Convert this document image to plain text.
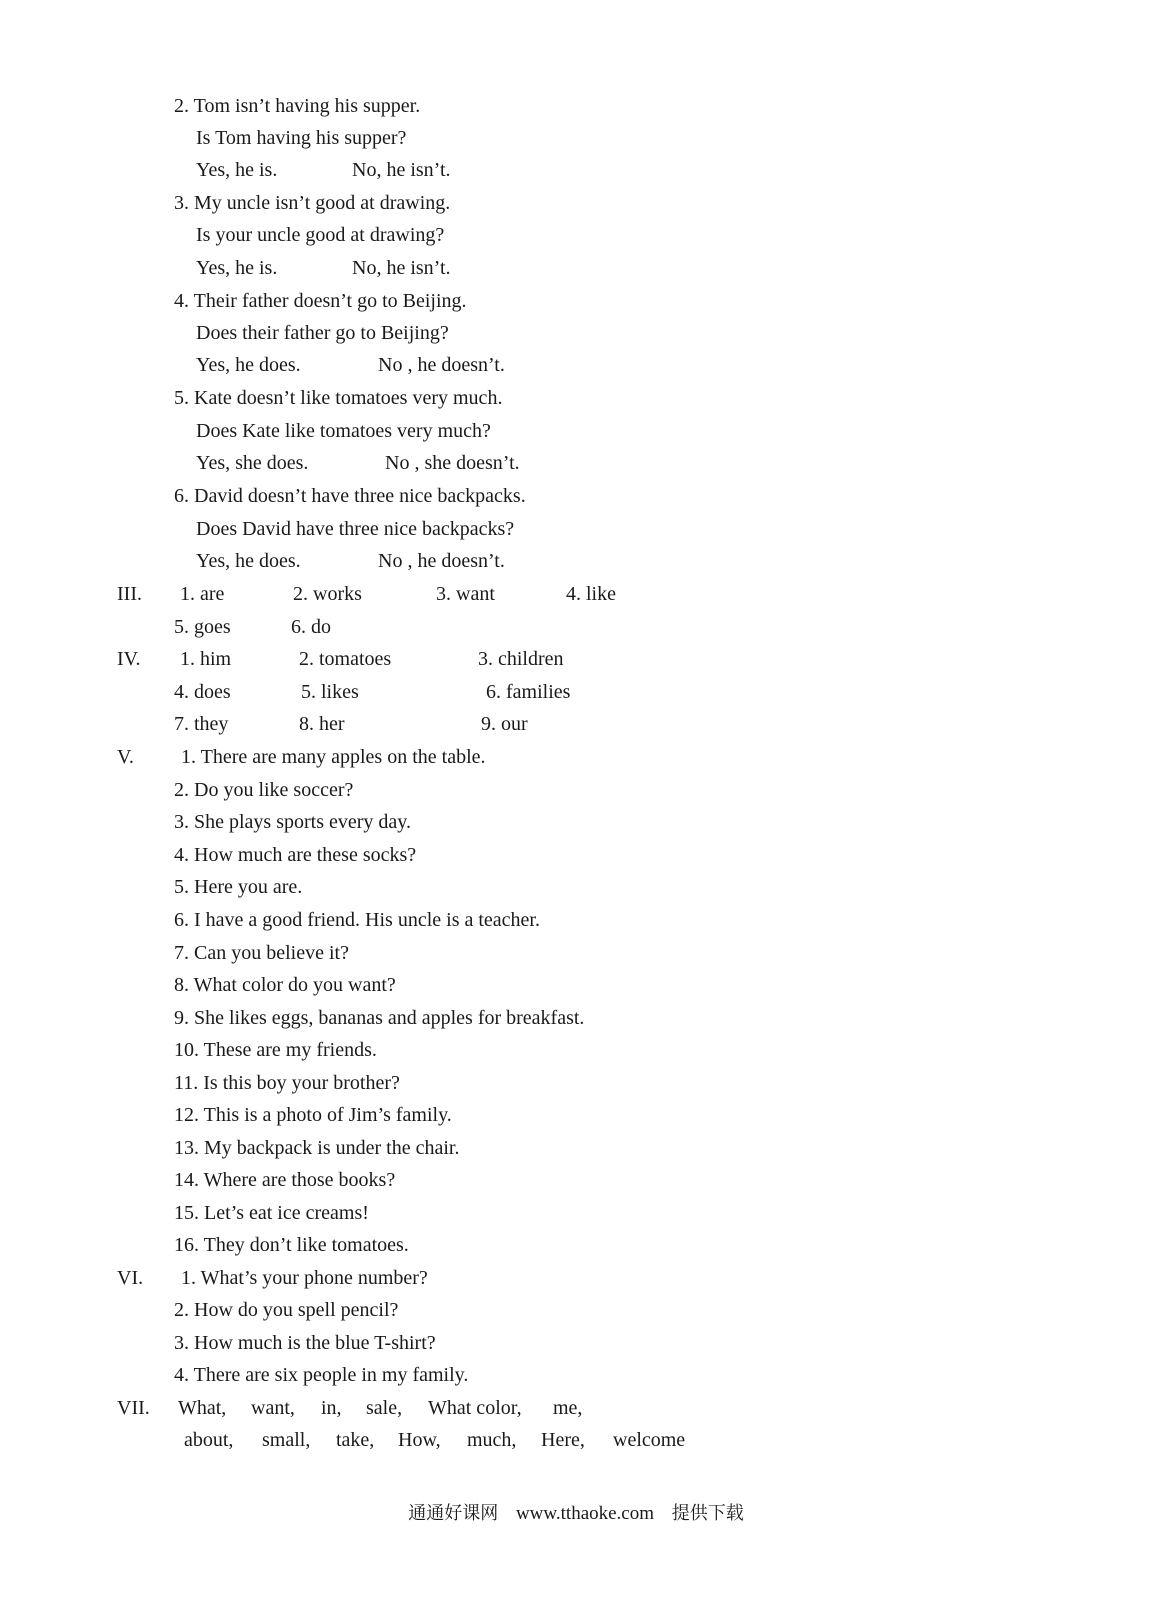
2. Tom isn’t having his supper.
Is Tom having his supper?
Yes, he is.	No, he isn’t.
3. My uncle isn’t good at drawing.
Is your uncle good at drawing?
Yes, he is.	No, he isn’t.
4. Their father doesn’t go to Beijing.
Does their father go to Beijing?
Yes, he does.	No , he doesn’t.
5. Kate doesn’t like tomatoes very much.
Does Kate like tomatoes very much?
Yes, she does.	No , she doesn’t.
6. David doesn’t have three nice backpacks.
Does David have three nice backpacks?
Yes, he does.	No , he doesn’t.
III. 1. are	2. works	3. want	4. like
5. goes	6. do
IV. 1. him	2. tomatoes	3. children
4. does	5. likes	6. families
7. they	8. her	9. our
V. 1. There are many apples on the table.
2. Do you like soccer?
3. She plays sports every day.
4. How much are these socks?
5. Here you are.
6. I have a good friend. His uncle is a teacher.
7. Can you believe it?
8. What color do you want?
9. She likes eggs, bananas and apples for breakfast.
10. These are my friends.
11. Is this boy your brother?
12. This is a photo of Jim’s family.
13. My backpack is under the chair.
14. Where are those books?
15. Let’s eat ice creams!
16. They don’t like tomatoes.
VI. 1. What’s your phone number?
2. How do you spell pencil?
3. How much is the blue T-shirt?
4. There are six people in my family.
VII. What, want, in, sale, What color, me,
about, small, take, How, much, Here, welcome
通通好课网 www.tthaoke.com 提供下载
